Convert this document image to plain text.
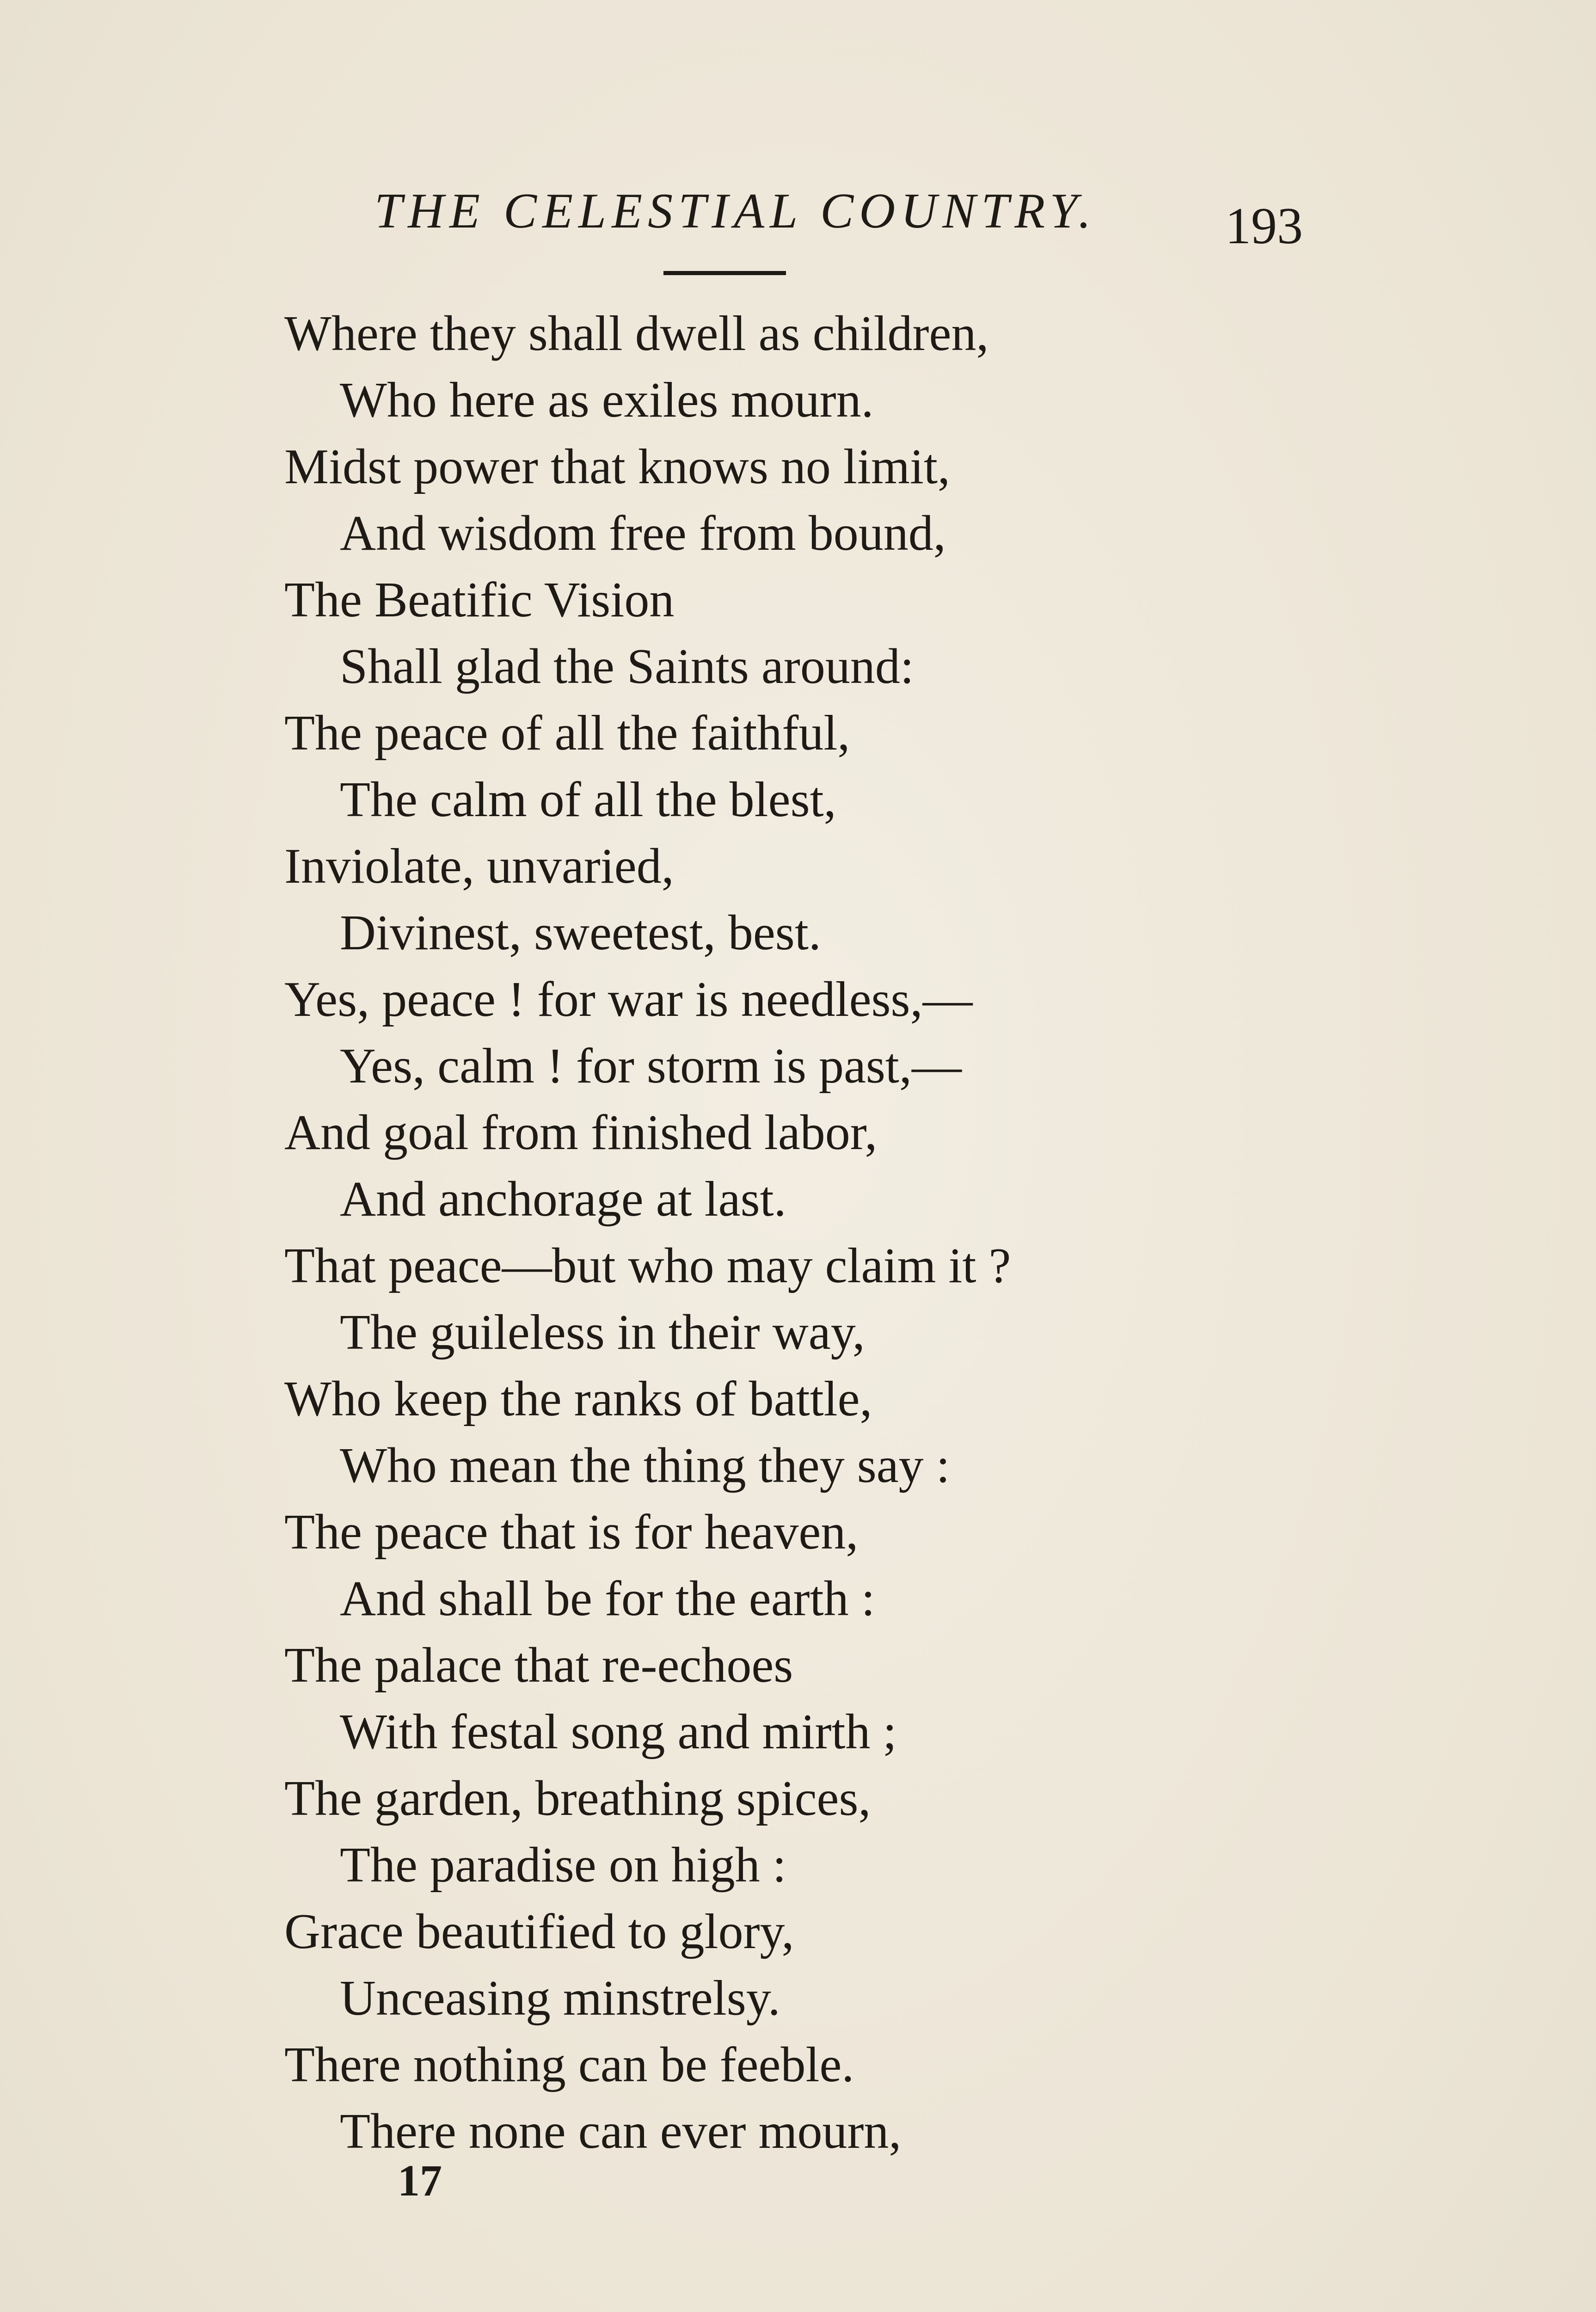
THE CELESTIAL COUNTRY. 193
Where they shall dwell as children,
Who here as exiles mourn.
Midst power that knows no limit,
And wisdom free from bound,
The Beatific Vision
Shall glad the Saints around:
The peace of all the faithful,
The calm of all the blest,
Inviolate, unvaried,
Divinest, sweetest, best.
Yes, peace ! for war is needless,—
Yes, calm ! for storm is past,—
And goal from finished labor,
And anchorage at last.
That peace—but who may claim it ?
The guileless in their way,
Who keep the ranks of battle,
Who mean the thing they say :
The peace that is for heaven,
And shall be for the earth :
The palace that re-echoes
With festal song and mirth ;
The garden, breathing spices,
The paradise on high :
Grace beautified to glory,
Unceasing minstrelsy.
There nothing can be feeble.
There none can ever mourn,
17
